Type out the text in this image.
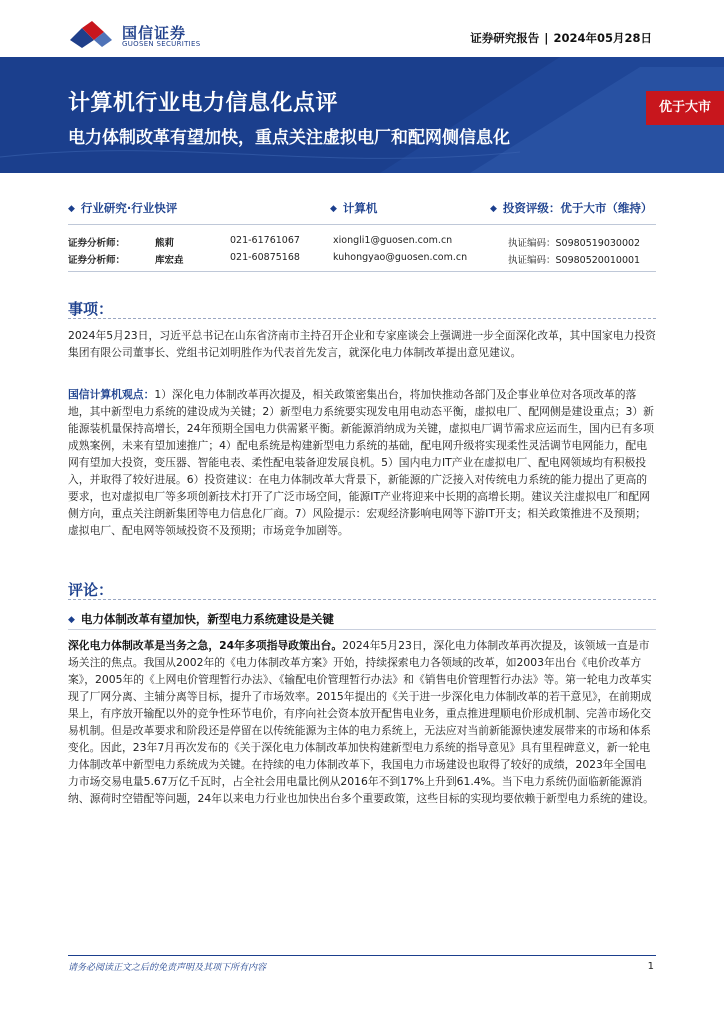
国信证券
GUOSEN SECURITIES	证券研究报告 | 2024年05月28日
计算机行业电力信息化点评
电力体制改革有望加快，重点关注虚拟电厂和配网侧信息化
优于大市
◆ 行业研究·行业快评	◆ 计算机	◆ 投资评级：优于大市（维持）
证券分析师：	熊莉	021-61761067	xiongli1@guosen.com.cn	执证编码：S0980519030002
证券分析师：	库宏垚	021-60875168	kuhongyao@guosen.com.cn	执证编码：S0980520010001
事项：

2024年5月23日，习近平总书记在山东省济南市主持召开企业和专家座谈会上强调进一步全面深化改革，其中国家电力投资集团有限公司董事长、党组书记刘明胜作为代表首先发言，就深化电力体制改革提出意见建议。

国信计算机观点：1）深化电力体制改革再次提及，相关政策密集出台，将加快推动各部门及企事业单位对各项改革的落地，其中新型电力系统的建设成为关键；2）新型电力系统要实现发电用电动态平衡，虚拟电厂、配网侧是建设重点；3）新能源装机量保持高增长，24年预期全国电力供需紧平衡。新能源消纳成为关键，虚拟电厂调节需求应运而生，国内已有多项成熟案例，未来有望加速推广；4）配电系统是构建新型电力系统的基础，配电网升级将实现柔性灵活调节电网能力，配电网有望加大投资，变压器、智能电表、柔性配电装备迎发展良机。5）国内电力IT产业在虚拟电厂、配电网领域均有积极投入，并取得了较好进展。6）投资建议：在电力体制改革大背景下，新能源的广泛接入对传统电力系统的能力提出了更高的要求，也对虚拟电厂等多项创新技术打开了广泛市场空间，能源IT产业将迎来中长期的高增长期。建议关注虚拟电厂和配网侧方向，重点关注朗新集团等电力信息化厂商。7）风险提示：宏观经济影响电网等下游IT开支；相关政策推进不及预期；虚拟电厂、配电网等领域投资不及预期；市场竞争加剧等。

评论：
◆ 电力体制改革有望加快，新型电力系统建设是关键

深化电力体制改革是当务之急，24年多项指导政策出台。2024年5月23日，深化电力体制改革再次提及，该领域一直是市场关注的焦点。我国从2002年的《电力体制改革方案》开始，持续探索电力各领域的改革，如2003年出台《电价改革方案》，2005年的《上网电价管理暂行办法》、《输配电价管理暂行办法》和《销售电价管理暂行办法》等。第一轮电力改革实现了厂网分离、主辅分离等目标，提升了市场效率。2015年提出的《关于进一步深化电力体制改革的若干意见》，在前期成果上，有序放开输配以外的竞争性环节电价，有序向社会资本放开配售电业务，重点推进理顺电价形成机制、完善市场化交易机制。但是改革要求和阶段还是停留在以传统能源为主体的电力系统上，无法应对当前新能源快速发展带来的市场和体系变化。因此，23年7月再次发布的《关于深化电力体制改革加快构建新型电力系统的指导意见》具有里程碑意义，新一轮电力体制改革中新型电力系统成为关键。在持续的电力体制改革下，我国电力市场建设也取得了较好的成绩，2023年全国电力市场交易电量5.67万亿千瓦时，占全社会用电量比例从2016年不到17%上升到61.4%。当下电力系统仍面临新能源消纳、源荷时空错配等问题，24年以来电力行业也加快出台多个重要政策，这些目标的实现均要依赖于新型电力系统的建设。

请务必阅读正文之后的免责声明及其项下所有内容	1
